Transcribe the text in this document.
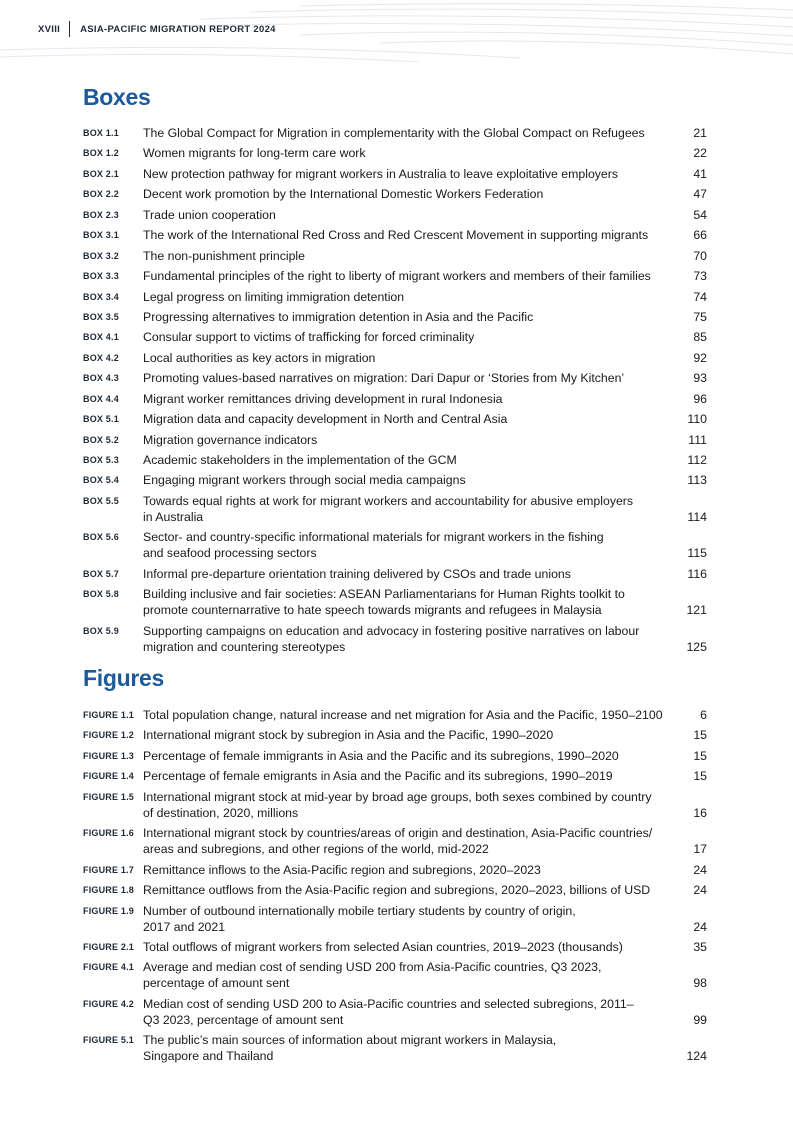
XVIII ASIA-PACIFIC MIGRATION REPORT 2024
Boxes
BOX 1.1	The Global Compact for Migration in complementarity with the Global Compact on Refugees	21
BOX 1.2	Women migrants for long-term care work	22
BOX 2.1	New protection pathway for migrant workers in Australia to leave exploitative employers	41
BOX 2.2	Decent work promotion by the International Domestic Workers Federation	47
BOX 2.3	Trade union cooperation	54
BOX 3.1	The work of the International Red Cross and Red Crescent Movement in supporting migrants	66
BOX 3.2	The non-punishment principle	70
BOX 3.3	Fundamental principles of the right to liberty of migrant workers and members of their families	73
BOX 3.4	Legal progress on limiting immigration detention	74
BOX 3.5	Progressing alternatives to immigration detention in Asia and the Pacific	75
BOX 4.1	Consular support to victims of trafficking for forced criminality	85
BOX 4.2	Local authorities as key actors in migration	92
BOX 4.3	Promoting values-based narratives on migration: Dari Dapur or ‘Stories from My Kitchen’	93
BOX 4.4	Migrant worker remittances driving development in rural Indonesia	96
BOX 5.1	Migration data and capacity development in North and Central Asia	110
BOX 5.2	Migration governance indicators	111
BOX 5.3	Academic stakeholders in the implementation of the GCM	112
BOX 5.4	Engaging migrant workers through social media campaigns	113
BOX 5.5	Towards equal rights at work for migrant workers and accountability for abusive employers
in Australia	114
BOX 5.6	Sector- and country-specific informational materials for migrant workers in the fishing
and seafood processing sectors	115
BOX 5.7	Informal pre-departure orientation training delivered by CSOs and trade unions	116
BOX 5.8	Building inclusive and fair societies: ASEAN Parliamentarians for Human Rights toolkit to
promote counternarrative to hate speech towards migrants and refugees in Malaysia	121
BOX 5.9	Supporting campaigns on education and advocacy in fostering positive narratives on labour
migration and countering stereotypes	125
Figures
FIGURE 1.1 Total population change, natural increase and net migration for Asia and the Pacific, 1950–2100	6
FIGURE 1.2 International migrant stock by subregion in Asia and the Pacific, 1990–2020	15
FIGURE 1.3 Percentage of female immigrants in Asia and the Pacific and its subregions, 1990–2020	15
FIGURE 1.4 Percentage of female emigrants in Asia and the Pacific and its subregions, 1990–2019	15
FIGURE 1.5 International migrant stock at mid-year by broad age groups, both sexes combined by country
of destination, 2020, millions	16
FIGURE 1.6 International migrant stock by countries/areas of origin and destination, Asia-Pacific countries/
areas and subregions, and other regions of the world, mid-2022	17
FIGURE 1.7 Remittance inflows to the Asia-Pacific region and subregions, 2020–2023	24
FIGURE 1.8 Remittance outflows from the Asia-Pacific region and subregions, 2020–2023, billions of USD	24
FIGURE 1.9 Number of outbound internationally mobile tertiary students by country of origin,
2017 and 2021	24
FIGURE 2.1 Total outflows of migrant workers from selected Asian countries, 2019–2023 (thousands)	35
FIGURE 4.1 Average and median cost of sending USD 200 from Asia-Pacific countries, Q3 2023,
percentage of amount sent	98
FIGURE 4.2 Median cost of sending USD 200 to Asia-Pacific countries and selected subregions, 2011–
Q3 2023, percentage of amount sent	99
FIGURE 5.1 The public’s main sources of information about migrant workers in Malaysia,
Singapore and Thailand	124
